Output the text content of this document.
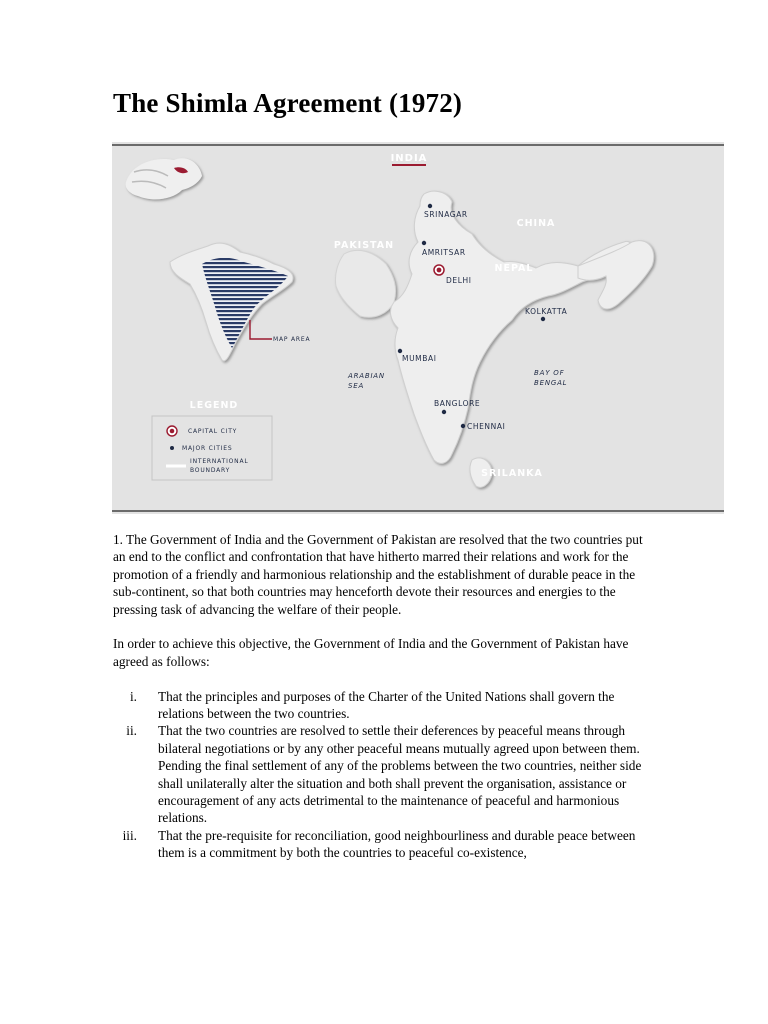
The Shimla Agreement (1972)
INDIA
PAKISTAN
CHINA
NEPAL
SRILANKA
SRINAGAR
AMRITSAR
DELHI
KOLKATTA
MUMBAI
BANGLORE
CHENNAI
ARABIAN
SEA
BAY OF
BENGAL
MAP AREA
LEGEND
CAPITAL CITY
MAJOR CITIES
INTERNATIONAL
BOUNDARY

1. The Government of India and the Government of Pakistan are resolved that the two countries put an end to the conflict and confrontation that have hitherto marred their relations and work for the promotion of a friendly and harmonious relationship and the establishment of durable peace in the sub-continent, so that both countries may henceforth devote their resources and energies to the pressing task of advancing the welfare of their people.

In order to achieve this objective, the Government of India and the Government of Pakistan have agreed as follows:

i. That the principles and purposes of the Charter of the United Nations shall govern the relations between the two countries.
ii. That the two countries are resolved to settle their deferences by peaceful means through bilateral negotiations or by any other peaceful means mutually agreed upon between them. Pending the final settlement of any of the problems between the two countries, neither side shall unilaterally alter the situation and both shall prevent the organisation, assistance or encouragement of any acts detrimental to the maintenance of peaceful and harmonious relations.
iii. That the pre-requisite for reconciliation, good neighbourliness and durable peace between them is a commitment by both the countries to peaceful co-existence,
